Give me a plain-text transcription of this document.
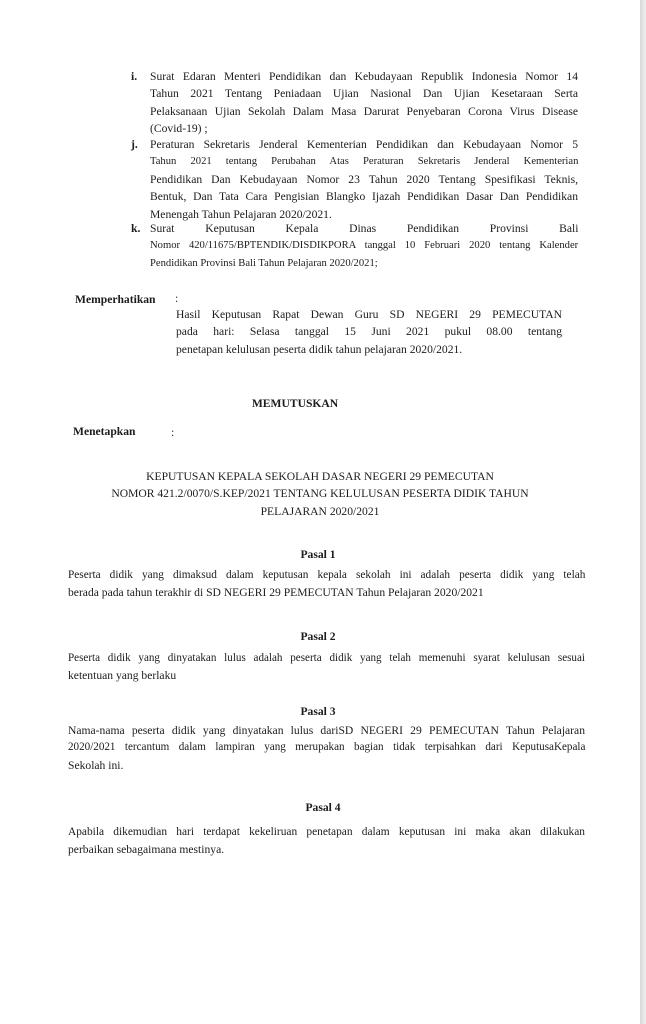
i.	Surat Edaran Menteri Pendidikan dan Kebudayaan Republik Indonesia Nomor 14
Tahun 2021 Tentang Peniadaan Ujian Nasional Dan Ujian Kesetaraan Serta
Pelaksanaan Ujian Sekolah Dalam Masa Darurat Penyebaran Corona Virus Disease
(Covid-19) ;
j.	Peraturan Sekretaris Jenderal Kementerian Pendidikan dan Kebudayaan Nomor 5
Tahun 2021 tentang Perubahan Atas Peraturan Sekretaris Jenderal Kementerian
Pendidikan Dan Kebudayaan Nomor 23 Tahun 2020 Tentang Spesifikasi Teknis,
Bentuk, Dan Tata Cara Pengisian Blangko Ijazah Pendidikan Dasar Dan Pendidikan
Menengah Tahun Pelajaran 2020/2021.
k. Surat Keputusan Kepala Dinas Pendidikan Provinsi Bali
Nomor 420/11675/BPTENDIK/DISDIKPORA tanggal 10 Februari 2020 tentang Kalender
Pendidikan Provinsi Bali Tahun Pelajaran 2020/2021;
Memperhatikan :
Hasil Keputusan Rapat Dewan Guru SD NEGERI 29 PEMECUTAN
pada hari: Selasa tanggal 15 Juni 2021 pukul 08.00 tentang
penetapan kelulusan peserta didik tahun pelajaran 2020/2021.
MEMUTUSKAN
Menetapkan	:
KEPUTUSAN KEPALA SEKOLAH DASAR NEGERI 29 PEMECUTAN
NOMOR 421.2/0070/S.KEP/2021 TENTANG KELULUSAN PESERTA DIDIK TAHUN
PELAJARAN 2020/2021
Pasal 1
Peserta didik yang dimaksud dalam keputusan kepala sekolah ini adalah peserta didik yang telah
berada pada tahun terakhir di SD NEGERI 29 PEMECUTAN Tahun Pelajaran 2020/2021
Pasal 2
Peserta didik yang dinyatakan lulus adalah peserta didik yang telah memenuhi syarat kelulusan sesuai
ketentuan yang berlaku
Pasal 3
Nama-nama peserta didik yang dinyatakan lulus dariSD NEGERI 29 PEMECUTAN Tahun Pelajaran
2020/2021 tercantum dalam lampiran yang merupakan bagian tidak terpisahkan dari KeputusaKepala
Sekolah ini.
Pasal 4
Apabila dikemudian hari terdapat kekeliruan penetapan dalam keputusan ini maka akan dilakukan
perbaikan sebagaimana mestinya.
